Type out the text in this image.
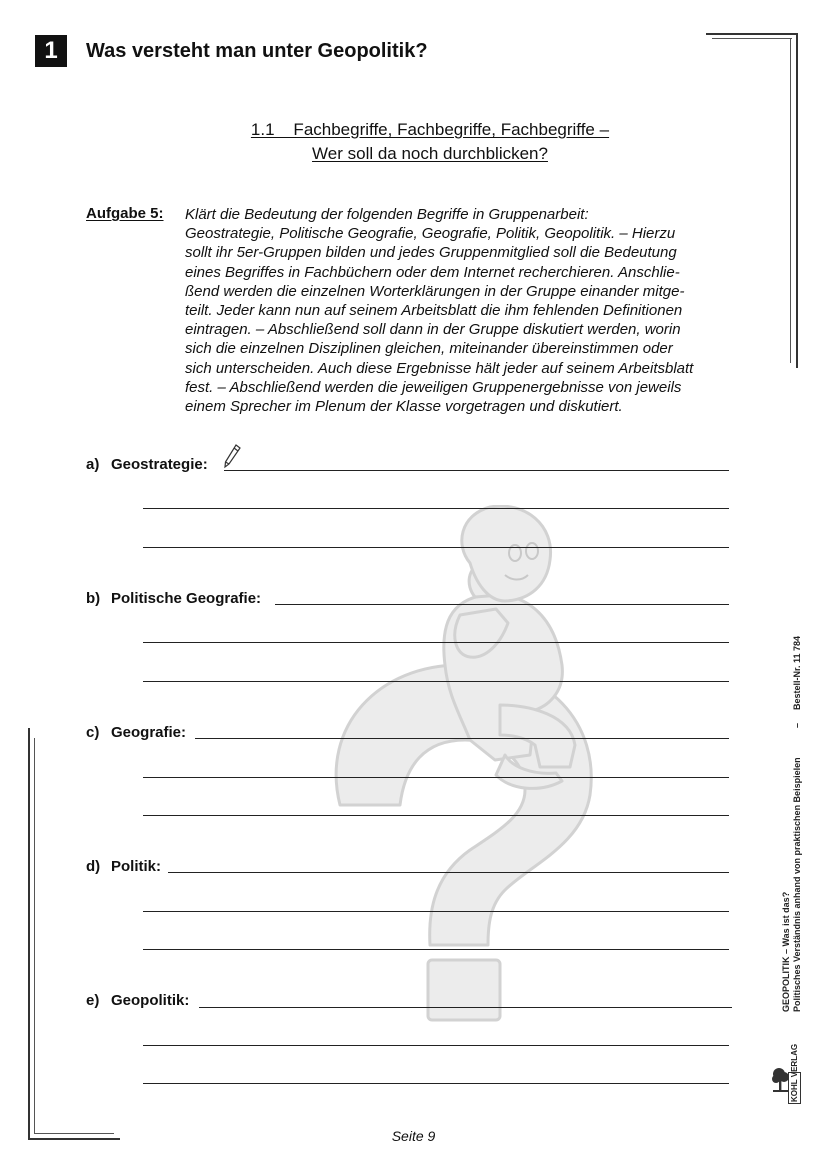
1	Was versteht man unter Geopolitik?
1.1    Fachbegriffe, Fachbegriffe, Fachbegriffe –
Wer soll da noch durchblicken?
Aufgabe 5: Klärt die Bedeutung der folgenden Begriffe in Gruppenarbeit:
Geostrategie, Politische Geografie, Geografie, Politik, Geopolitik. – Hierzu
sollt ihr 5er-Gruppen bilden und jedes Gruppenmitglied soll die Bedeutung
eines Begriffes in Fachbüchern oder dem Internet recherchieren. Anschlie-
ßend werden die einzelnen Worterklärungen in der Gruppe einander mitge-
teilt. Jeder kann nun auf seinem Arbeitsblatt die ihm fehlenden Definitionen
eintragen. – Abschließend soll dann in der Gruppe diskutiert werden, worin
sich die einzelnen Disziplinen gleichen, miteinander übereinstimmen oder
sich unterscheiden. Auch diese Ergebnisse hält jeder auf seinem Arbeitsblatt
fest. – Abschließend werden die jeweiligen Gruppenergebnisse von jeweils
einem Sprecher im Plenum der Klasse vorgetragen und diskutiert.
a) Geostrategie:
b) Politische Geografie:
c) Geografie:
d) Politik:
e) Geopolitik:
Bestell-Nr. 11 784
–
Politisches Verständnis anhand von praktischen Beispielen
GEOPOLITIK – Was ist das?
KOHL VERLAG
Seite 9
